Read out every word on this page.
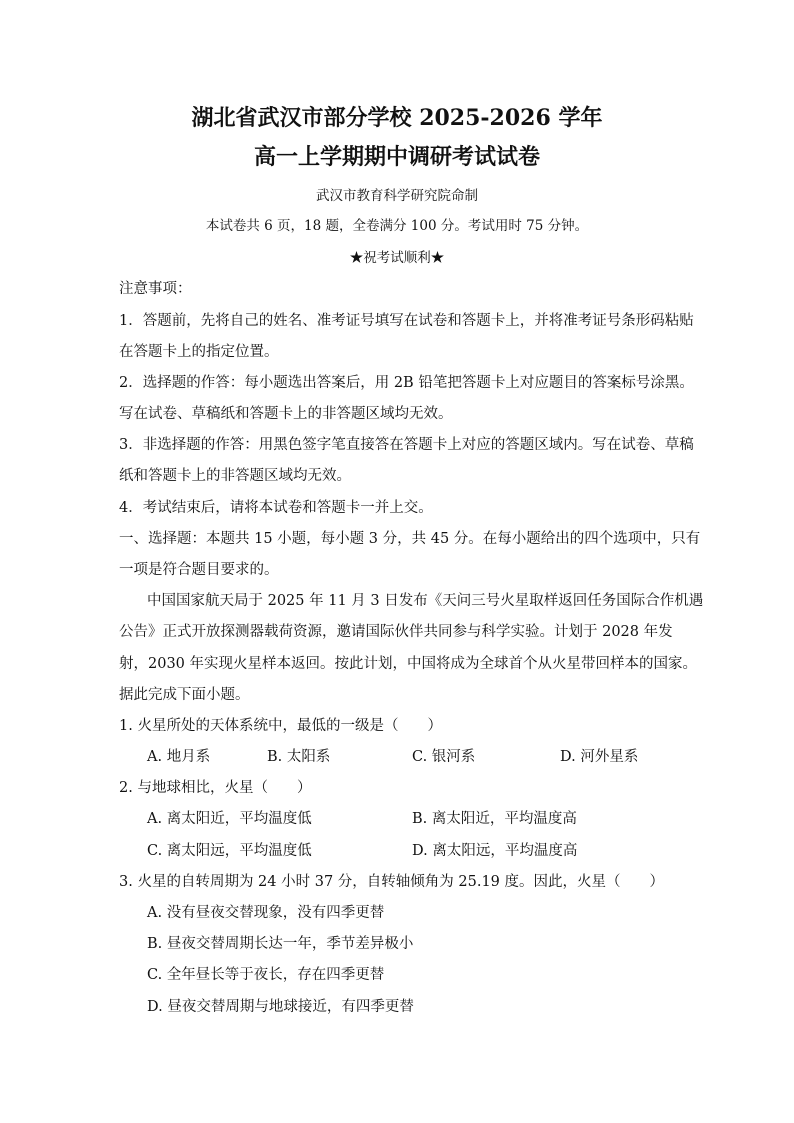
湖北省武汉市部分学校 2025-2026 学年
高一上学期期中调研考试试卷
武汉市教育科学研究院命制
本试卷共 6 页，18 题，全卷满分 100 分。考试用时 75 分钟。
★祝考试顺利★
注意事项：
1．答题前，先将自己的姓名、准考证号填写在试卷和答题卡上，并将准考证号条形码粘贴
在答题卡上的指定位置。
2．选择题的作答：每小题选出答案后，用 2B 铅笔把答题卡上对应题目的答案标号涂黑。
写在试卷、草稿纸和答题卡上的非答题区域均无效。
3．非选择题的作答：用黑色签字笔直接答在答题卡上对应的答题区域内。写在试卷、草稿
纸和答题卡上的非答题区域均无效。
4．考试结束后，请将本试卷和答题卡一并上交。
一、选择题：本题共 15 小题，每小题 3 分，共 45 分。在每小题给出的四个选项中，只有
一项是符合题目要求的。
中国国家航天局于 2025 年 11 月 3 日发布《天问三号火星取样返回任务国际合作机遇
公告》正式开放探测器载荷资源，邀请国际伙伴共同参与科学实验。计划于 2028 年发
射，2030 年实现火星样本返回。按此计划，中国将成为全球首个从火星带回样本的国家。
据此完成下面小题。
1. 火星所处的天体系统中，最低的一级是（　　）
A. 地月系	B. 太阳系	C. 银河系	D. 河外星系
2. 与地球相比，火星（　　）
A. 离太阳近，平均温度低	B. 离太阳近，平均温度高
C. 离太阳远，平均温度低	D. 离太阳远，平均温度高
3. 火星的自转周期为 24 小时 37 分，自转轴倾角为 25.19 度。因此，火星（　　）
A. 没有昼夜交替现象，没有四季更替
B. 昼夜交替周期长达一年，季节差异极小
C. 全年昼长等于夜长，存在四季更替
D. 昼夜交替周期与地球接近，有四季更替
